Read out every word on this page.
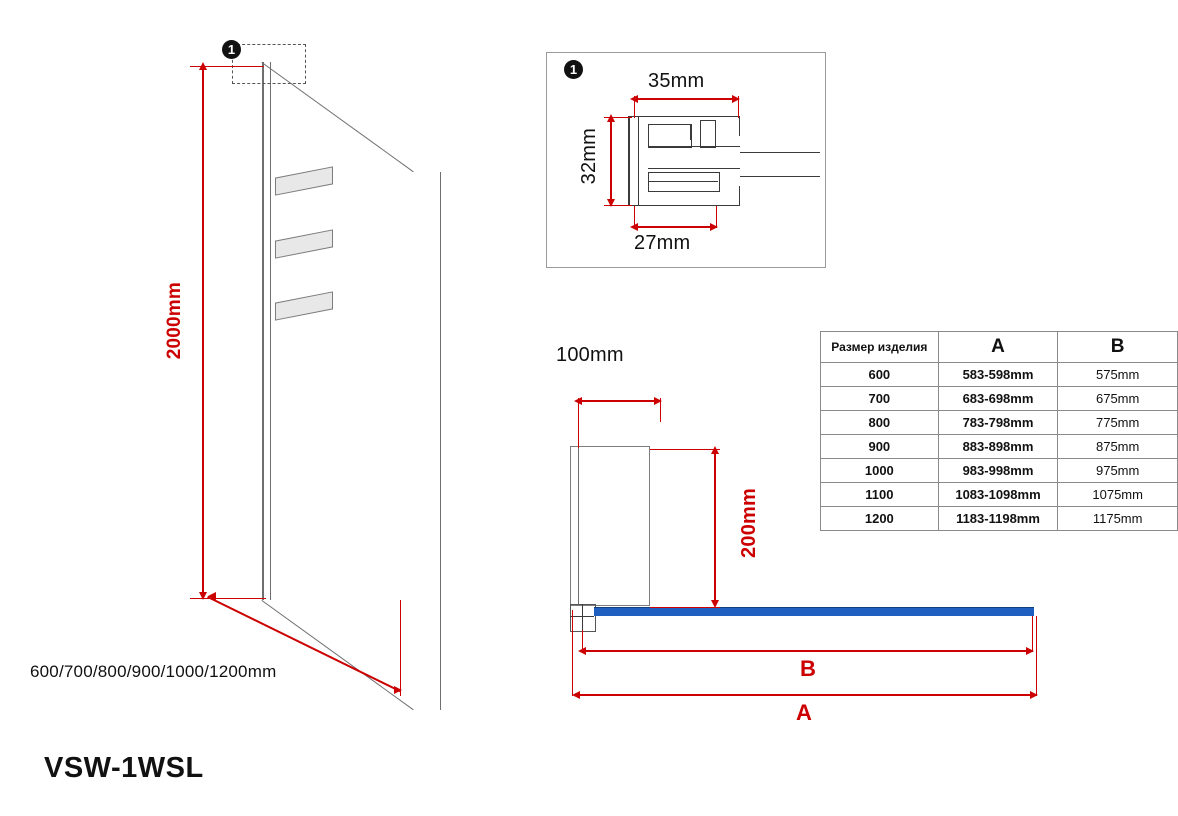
1
2000mm
600/700/800/900/1000/1200mm
1
35mm
32mm
27mm
Размер изделия	A	B
600	583-598mm	575mm
700	683-698mm	675mm
800	783-798mm	775mm
900	883-898mm	875mm
1000	983-998mm	975mm
1100	1083-1098mm	1075mm
1200	1183-1198mm	1175mm
100mm
200mm
B
A
VSW-1WSL
